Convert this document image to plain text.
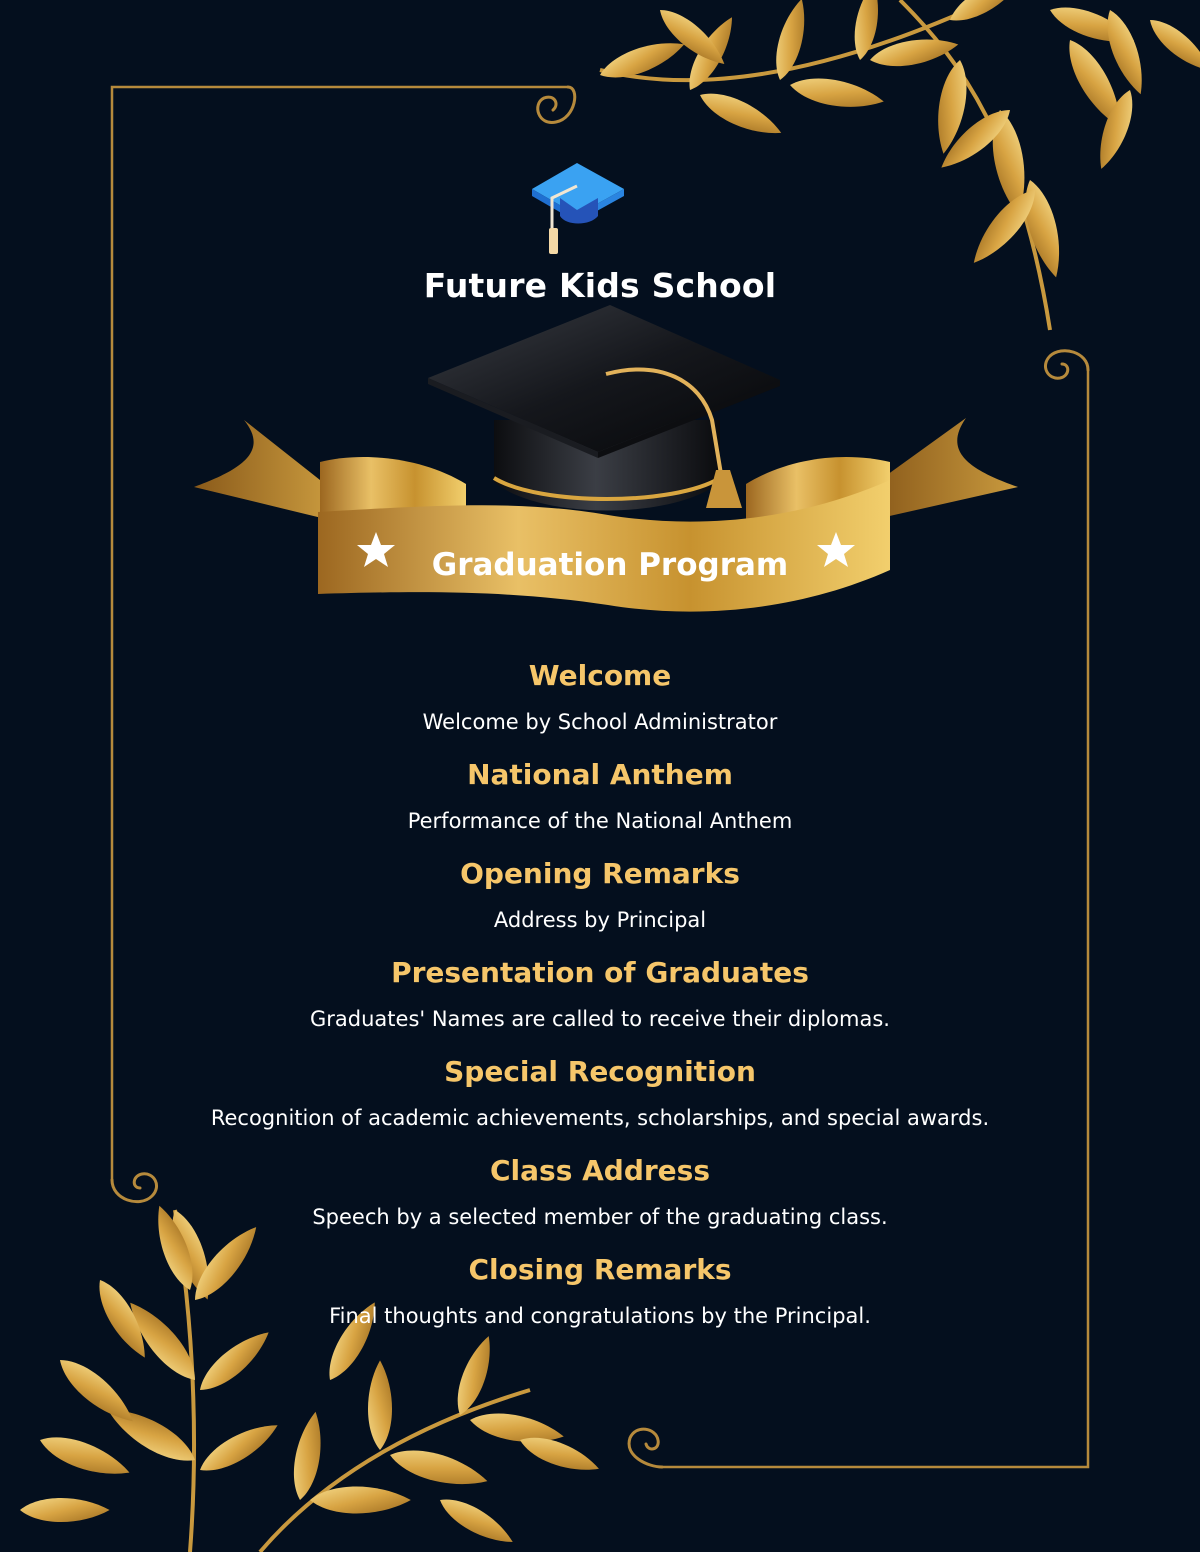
Future Kids School
Graduation Program
Welcome
Welcome by School Administrator
National Anthem
Performance of the National Anthem
Opening Remarks
Address by Principal
Presentation of Graduates
Graduates' Names are called to receive their diplomas.
Special Recognition
Recognition of academic achievements, scholarships, and special awards.
Class Address
Speech by a selected member of the graduating class.
Closing Remarks
Final thoughts and congratulations by the Principal.
